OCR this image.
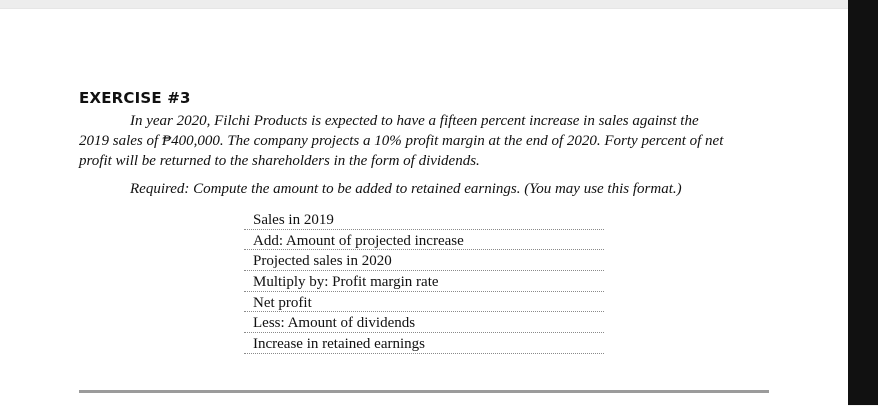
EXERCISE #3
In year 2020, Filchi Products is expected to have a fifteen percent increase in sales against the
2019 sales of ₱400,000. The company projects a 10% profit margin at the end of 2020. Forty percent of net
profit will be returned to the shareholders in the form of dividends.
Required: Compute the amount to be added to retained earnings. (You may use this format.)
Sales in 2019
Add: Amount of projected increase
Projected sales in 2020
Multiply by: Profit margin rate
Net profit
Less: Amount of dividends
Increase in retained earnings
